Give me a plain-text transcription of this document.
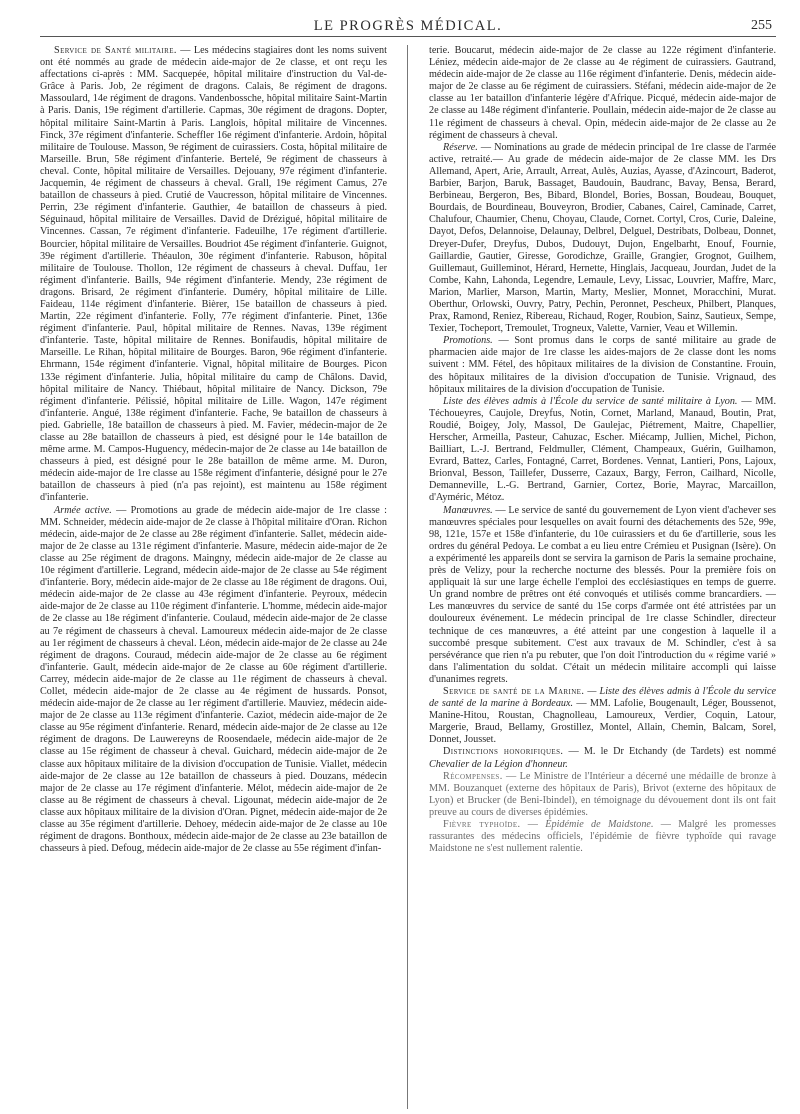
LE PROGRÈS MÉDICAL.	255

Service de Santé militaire. — Les médecins stagiaires dont les noms suivent ont été nommés au grade de médecin aide-major de 2e classe, et ont reçu les affectations ci-après : MM. Sacquepée, hôpital militaire d'instruction du Val-de-Grâce à Paris. Job, 2e régiment de dragons. Calais, 8e régiment de dragons. Massoulard, 14e régiment de dragons. Vandenbossche, hôpital militaire Saint-Martin à Paris. Danis, 19e régiment d'artillerie. Capmas, 30e régiment de dragons. Dopter, hôpital militaire Saint-Martin à Paris. Langlois, hôpital militaire de Vincennes. Finck, 37e régiment d'infanterie. Scheffler 16e régiment d'infanterie. Ardoin, hôpital militaire de Toulouse. Masson, 9e régiment de cuirassiers. Costa, hôpital militaire de Marseille. Brun, 58e régiment d'infanterie. Bertelé, 9e régiment de chasseurs à cheval. Conte, hôpital militaire de Versailles. Dejouany, 97e régiment d'infanterie. Jacquemin, 4e régiment de chasseurs à cheval. Grall, 19e régiment Camus, 27e bataillon de chasseurs à pied. Crutié de Vaucresson, hôpital militaire de Vincennes. Perrin, 23e régiment d'infanterie. Gauthier, 4e bataillon de chasseurs à pied. Séguinaud, hôpital militaire de Versailles. David de Drézigué, hôpital militaire de Vincennes. Cassan, 7e régiment d'infanterie. Fadeuilhe, 17e régiment d'artillerie. Bourcier, hôpital militaire de Versailles. Boudriot 45e régiment d'infanterie. Guignot, 39e régiment d'artillerie. Théaulon, 30e régiment d'infanterie. Rabuson, hôpital militaire de Toulouse. Thollon, 12e régiment de chasseurs à cheval. Duffau, 1er régiment d'infanterie. Baills, 94e régiment d'infanterie. Mendy, 23e régiment de dragons. Brisard, 2e régiment d'infanterie. Duméry, hôpital militaire de Lille. Faideau, 114e régiment d'infanterie. Bièrer, 15e bataillon de chasseurs à pied. Martin, 22e régiment d'infanterie. Folly, 77e régiment d'infanterie. Pinet, 136e régiment d'infanterie. Paul, hôpital militaire de Rennes. Navas, 139e régiment d'infanterie. Taste, hôpital militaire de Rennes. Bonifaudis, hôpital militaire de Marseille. Le Rihan, hôpital militaire de Bourges. Baron, 96e régiment d'infanterie. Ehrmann, 154e régiment d'infanterie. Vignal, hôpital militaire de Bourges. Picon 133e régiment d'infanterie. Julia, hôpital militaire du camp de Châlons. David, hôpital militaire de Nancy. Thiébaut, hôpital militaire de Nancy. Dickson, 79e régiment d'infanterie. Pélissié, hôpital militaire de Lille. Wagon, 147e régiment d'infanterie. Angué, 138e régiment d'infanterie. Fache, 9e bataillon de chasseurs à pied. Gabrielle, 18e bataillon de chasseurs à pied. M. Favier, médecin-major de 2e classe au 28e bataillon de chasseurs à pied, est désigné pour le 14e bataillon de même arme. M. Campos-Huguency, médecin-major de 2e classe au 14e bataillon de chasseurs à pied, est désigné pour le 28e bataillon de même arme. M. Duron, médecin aide-major de 1re classe au 158e régiment d'infanterie, désigné pour le 27e bataillon de chasseurs à pied (n'a pas rejoint), est maintenu au 158e régiment d'infanterie.

Armée active. — Promotions au grade de médecin aide-major de 1re classe : MM. Schneider, médecin aide-major de 2e classe à l'hôpital militaire d'Oran. Richon médecin, aide-major de 2e classe au 28e régiment d'infanterie. Sallet, médecin aide-major de 2e classe au 131e régiment d'infanterie. Masure, médecin aide-major de 2e classe au 25e régiment de dragons. Maingny, médecin aide-major de 2e classe au 10e régiment d'artillerie. Legrand, médecin aide-major de 2e classe au 54e régiment d'infanterie. Bory, médecin aide-major de 2e classe au 18e régiment de dragons. Oui, médecin aide-major de 2e classe au 43e régiment d'infanterie. Peyroux, médecin aide-major de 2e classe au 110e régiment d'infanterie. L'homme, médecin aide-major de 2e classe au 18e régiment d'infanterie. Coulaud, médecin aide-major de 2e classe au 7e régiment de chasseurs à cheval. Lamoureux médecin aide-major de 2e classe au 1er régiment de chasseurs à cheval. Léon, médecin aide-major de 2e classe au 24e régiment de dragons. Couraud, médecin aide-major de 2e classe au 6e régiment d'infanterie. Gault, médecin aide-major de 2e classe au 60e régiment d'artillerie. Carrey, médecin aide-major de 2e classe au 11e régiment de chasseurs à cheval. Collet, médecin aide-major de 2e classe au 4e régiment de hussards. Ponsot, médecin aide-major de 2e classe au 1er régiment d'artillerie. Mauviez, médecin aide-major de 2e classe au 113e régiment d'infanterie. Caziot, médecin aide-major de 2e classe au 95e régiment d'infanterie. Renard, médecin aide-major de 2e classe au 12e régiment de dragons. De Lauwereyns de Roosendaele, médecin aide-major de 2e classe au 15e régiment de chasseur à cheval. Guichard, médecin aide-major de 2e classe aux hôpitaux militaire de la division d'occupation de Tunisie. Viallet, médecin aide-major de 2e classe au 12e bataillon de chasseurs à pied. Douzans, médecin major de 2e classe au 17e régiment d'infanterie. Mélot, médecin aide-major de 2e classe au 8e régiment de chasseurs à cheval. Ligounat, médecin aide-major de 2e classe aux hôpitaux militaire de la division d'Oran. Pignet, médecin aide-major de 2e classe au 35e régiment d'artillerie. Dehoey, médecin aide-major de 2e classe au 10e régiment de dragons. Bonthoux, médecin aide-major de 2e classe au 23e bataillon de chasseurs à pied. Defoug, médecin aide-major de 2e classe au 55e régiment d'infan-

terie. Boucarut, médecin aide-major de 2e classe au 122e régiment d'infanterie. Léniez, médecin aide-major de 2e classe au 4e régiment de cuirassiers. Gautrand, médecin aide-major de 2e classe au 116e régiment d'infanterie. Denis, médecin aide-major de 2e classe au 6e régiment de cuirassiers. Stéfani, médecin aide-major de 2e classe au 1er bataillon d'infanterie légère d'Afrique. Picqué, médecin aide-major de 2e classe au 148e régiment d'infanterie. Poullain, médecin aide-major de 2e classe au 11e régiment de chasseurs à cheval. Opin, médecin aide-major de 2e classe au 2e régiment de chasseurs à cheval.

Réserve. — Nominations au grade de médecin principal de 1re classe de l'armée active, retraité.— Au grade de médecin aide-major de 2e classe MM. les Drs Allemand, Apert, Arie, Arrault, Arreat, Aulès, Auzias, Ayasse, d'Azincourt, Baderot, Barbier, Barjon, Baruk, Bassaget, Baudouin, Baudranc, Bavay, Bensa, Berard, Berbineau, Bergeron, Bes, Bibard, Blondel, Bories, Bossan, Boudeau, Bouquet, Bourdais, de Bourdineau, Bouveyron, Brodier, Cabanes, Cairel, Caminade, Carret, Chalufour, Chaumier, Chenu, Choyau, Claude, Cornet. Cortyl, Cros, Curie, Daleine, Dayot, Defos, Delannoise, Delaunay, Delbrel, Delguel, Destribats, Dolbeau, Donnet, Dreyer-Dufer, Dreyfus, Dubos, Dudouyt, Dujon, Engelbarht, Enouf, Fournie, Gaillardie, Gautier, Giresse, Gorodichze, Graille, Grangier, Grognot, Guilhem, Guillemaut, Guilleminot, Hérard, Hernette, Hinglais, Jacqueau, Jourdan, Judet de la Combe, Kahn, Lahonda, Legendre, Lemaule, Levy, Lissac, Louvrier, Maffre, Marc, Marion, Marlier, Marson, Martin, Marty, Meslier, Monnet, Moracchini, Murat. Oberthur, Orlowski, Ouvry, Patry, Pechin, Peronnet, Pescheux, Philbert, Planques, Prax, Ramond, Reniez, Ribereau, Richaud, Roger, Roubion, Sainz, Sautieux, Sempe, Texier, Tocheport, Tremoulet, Trogneux, Valette, Varnier, Veau et Willemin.

Promotions. — Sont promus dans le corps de santé militaire au grade de pharmacien aide major de 1re classe les aides-majors de 2e classe dont les noms suivent : MM. Fétel, des hôpitaux militaires de la division de Constantine. Frouin, des hôpitaux militaires de la division d'occupation de Tunisie. Vrignaud, des hôpitaux militaires de la division d'occupation de Tunisie.

Liste des élèves admis à l'École du service de santé militaire à Lyon. — MM. Téchoueyres, Caujole, Dreyfus, Notin, Cornet, Marland, Manaud, Boutin, Prat, Roudié, Boigey, Joly, Massol, De Gaulejac, Piétrement, Maitre, Chapellier, Herscher, Armeilla, Pasteur, Cahuzac, Escher. Miécamp, Jullien, Michel, Pichon, Bailliart, L.-J. Bertrand, Feldmuller, Clément, Champeaux, Guérin, Guilhamon, Evrard, Battez, Carles, Fontagné, Carret, Bordenes. Vennat, Lantieri, Pons, Lajoux, Brionval, Besson, Taillefer, Dusserre, Cazaux, Bargy, Ferron, Cailhard, Nicolle, Demanneville, L.-G. Bertrand, Garnier, Cortez, Borie, Mayrac, Marcaillon, d'Ayméric, Métoz.

Manœuvres. — Le service de santé du gouvernement de Lyon vient d'achever ses manœuvres spéciales pour lesquelles on avait fourni des détachements des 52e, 99e, 98, 121e, 157e et 158e d'infanterie, du 10e cuirassiers et du 6e d'artillerie, sous les ordres du général Pedoya. Le combat a eu lieu entre Crémieu et Pusignan (Isère). On a expérimenté les appareils dont se servira la garnison de Paris la semaine prochaine, près de Velizy, pour la recherche nocturne des blessés. Pour la première fois on appliquait là sur une large échelle l'emploi des ecclésiastiques en temps de guerre. Un grand nombre de prêtres ont été convoqués et utilisés comme brancardiers. — Les manœuvres du service de santé du 15e corps d'armée ont été attristées par un douloureux événement. Le médecin principal de 1re classe Schindler, directeur technique de ces manœuvres, a été atteint par une congestion à laquelle il a succombé presque subitement. C'est aux travaux de M. Schindler, c'est à sa persévérance que rien n'a pu rebuter, que l'on doit l'introduction du « régime varié » dans l'alimentation du soldat. C'était un médecin militaire accompli qui laisse d'unanimes regrets.

Service de santé de la Marine. — Liste des élèves admis à l'École du service de santé de la marine à Bordeaux. — MM. Lafolie, Bougenault, Léger, Boussenot, Manine-Hitou, Roustan, Chagnolleau, Lamoureux, Verdier, Coquin, Latour, Margerie, Braud, Bellamy, Grostillez, Montel, Allain, Chemin, Balcam, Sorel, Donnet, Jousset.

Distinctions honorifiques. — M. le Dr Etchandy (de Tardets) est nommé Chevalier de la Légion d'honneur.

Récompenses. — Le Ministre de l'Intérieur a décerné une médaille de bronze à MM. Bouzanquet (externe des hôpitaux de Paris), Brivot (externe des hôpitaux de Lyon) et Brucker (de Beni-Ibindel), en témoignage du dévouement dont ils ont fait preuve au cours de diverses épidémies.

Fièvre typhoïde. — Épidémie de Maidstone. — Malgré les promesses rassurantes des médecins officiels, l'épidémie de fièvre typhoïde qui ravage Maidstone ne s'est nullement ralentie.
